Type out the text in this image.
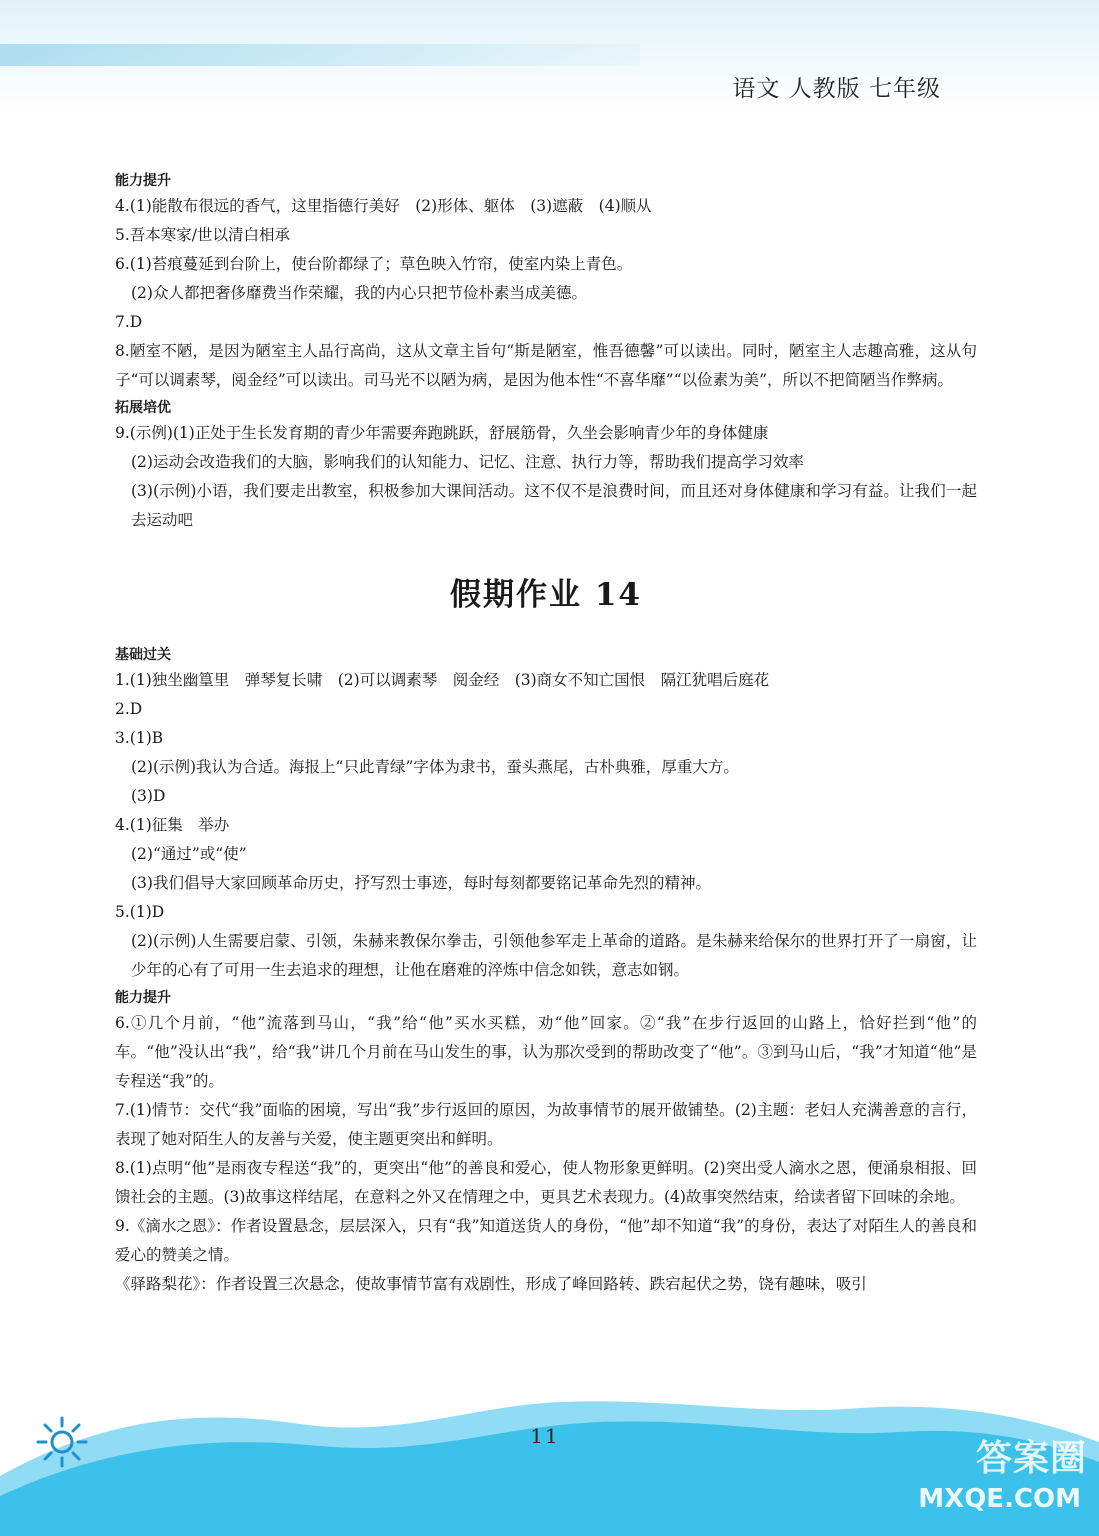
语文 人教版 七年级
能力提升
4.(1)能散布很远的香气，这里指德行美好　(2)形体、躯体　(3)遮蔽　(4)顺从
5.吾本寒家/世以清白相承
6.(1)苔痕蔓延到台阶上，使台阶都绿了；草色映入竹帘，使室内染上青色。
(2)众人都把奢侈靡费当作荣耀，我的内心只把节俭朴素当成美德。
7.D
8.陋室不陋，是因为陋室主人品行高尚，这从文章主旨句“斯是陋室，惟吾德馨”可以读出。同时，陋室主人志趣高雅，这从句子“可以调素琴，阅金经”可以读出。司马光不以陋为病，是因为他本性“不喜华靡”“以俭素为美”，所以不把简陋当作弊病。
拓展培优
9.(示例)(1)正处于生长发育期的青少年需要奔跑跳跃，舒展筋骨，久坐会影响青少年的身体健康
(2)运动会改造我们的大脑，影响我们的认知能力、记忆、注意、执行力等，帮助我们提高学习效率
(3)(示例)小语，我们要走出教室，积极参加大课间活动。这不仅不是浪费时间，而且还对身体健康和学习有益。让我们一起去运动吧
假期作业 14
基础过关
1.(1)独坐幽篁里　弹琴复长啸　(2)可以调素琴　阅金经　(3)商女不知亡国恨　隔江犹唱后庭花
2.D
3.(1)B
(2)(示例)我认为合适。海报上“只此青绿”字体为隶书，蚕头燕尾，古朴典雅，厚重大方。
(3)D
4.(1)征集　举办
(2)“通过”或“使”
(3)我们倡导大家回顾革命历史，抒写烈士事迹，每时每刻都要铭记革命先烈的精神。
5.(1)D
(2)(示例)人生需要启蒙、引领，朱赫来教保尔拳击，引领他参军走上革命的道路。是朱赫来给保尔的世界打开了一扇窗，让少年的心有了可用一生去追求的理想，让他在磨难的淬炼中信念如铁，意志如钢。
能力提升
6.①几个月前，“他”流落到马山，“我”给“他”买水买糕，劝“他”回家。②“我”在步行返回的山路上，恰好拦到“他”的车。“他”没认出“我”，给“我”讲几个月前在马山发生的事，认为那次受到的帮助改变了“他”。③到马山后，“我”才知道“他”是专程送“我”的。
7.(1)情节：交代“我”面临的困境，写出“我”步行返回的原因，为故事情节的展开做铺垫。(2)主题：老妇人充满善意的言行，表现了她对陌生人的友善与关爱，使主题更突出和鲜明。
8.(1)点明“他”是雨夜专程送“我”的，更突出“他”的善良和爱心，使人物形象更鲜明。(2)突出受人滴水之恩，便涌泉相报、回馈社会的主题。(3)故事这样结尾，在意料之外又在情理之中，更具艺术表现力。(4)故事突然结束，给读者留下回味的余地。
9.《滴水之恩》：作者设置悬念，层层深入，只有“我”知道送货人的身份，“他”却不知道“我”的身份，表达了对陌生人的善良和爱心的赞美之情。
《驿路梨花》：作者设置三次悬念，使故事情节富有戏剧性，形成了峰回路转、跌宕起伏之势，饶有趣味，吸引
11
答案圈
MXQE.COM
